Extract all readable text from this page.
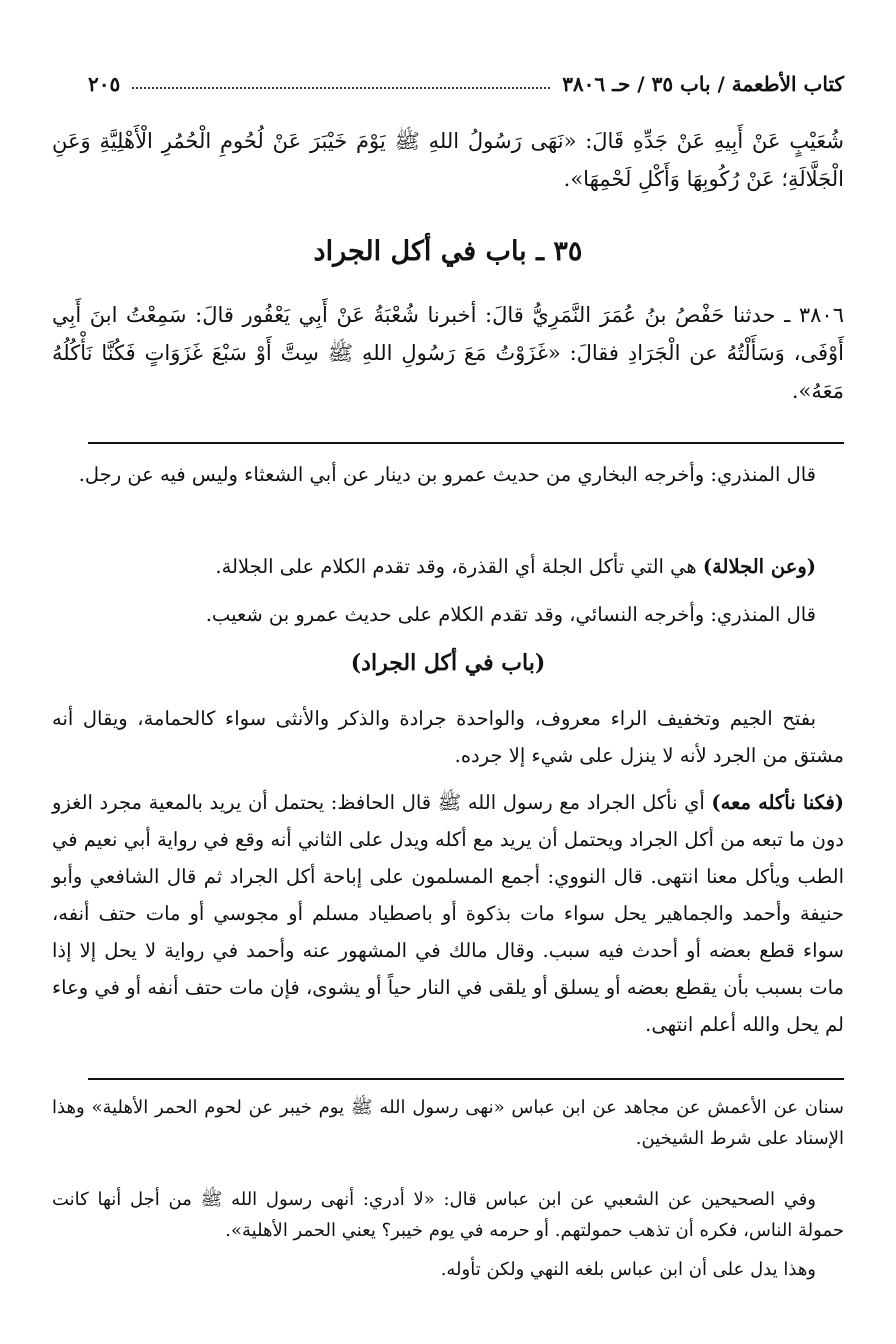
كتاب الأطعمة / باب ٣٥ / حـ ٣٨٠٦
٢٠٥
شُعَيْبٍ عَنْ أَبِيهِ عَنْ جَدِّهِ قَالَ: «نَهَى رَسُولُ اللهِ ﷺ يَوْمَ خَيْبَرَ عَنْ لُحُومِ الْحُمُرِ الْأَهْلِيَّةِ وَعَنِ الْجَلَّالَةِ؛ عَنْ رُكُوبِهَا وَأَكْلِ لَحْمِهَا».
٣٥ ـ باب في أكل الجراد
٣٨٠٦ ـ حدثنا حَفْصُ بنُ عُمَرَ النَّمَرِيُّ قالَ: أخبرنا شُعْبَةُ عَنْ أَبِي يَعْفُور قالَ: سَمِعْتُ ابنَ أَبِي أَوْفَى، وَسَأَلْتُهُ عن الْجَرَادِ فقالَ: «غَزَوْتُ مَعَ رَسُولِ اللهِ ﷺ سِتَّ أَوْ سَبْعَ غَزَوَاتٍ فَكُنَّا نَأْكُلُهُ مَعَهُ».
قال المنذري: وأخرجه البخاري من حديث عمرو بن دينار عن أبي الشعثاء وليس فيه عن رجل.
(وعن الجلالة) هي التي تأكل الجلة أي القذرة، وقد تقدم الكلام على الجلالة.
قال المنذري: وأخرجه النسائي، وقد تقدم الكلام على حديث عمرو بن شعيب.
(باب في أكل الجراد)
بفتح الجيم وتخفيف الراء معروف، والواحدة جرادة والذكر والأنثى سواء كالحمامة، ويقال أنه مشتق من الجرد لأنه لا ينزل على شيء إلا جرده.
(فكنا نأكله معه) أي نأكل الجراد مع رسول الله ﷺ قال الحافظ: يحتمل أن يريد بالمعية مجرد الغزو دون ما تبعه من أكل الجراد ويحتمل أن يريد مع أكله ويدل على الثاني أنه وقع في رواية أبي نعيم في الطب ويأكل معنا انتهى. قال النووي: أجمع المسلمون على إباحة أكل الجراد ثم قال الشافعي وأبو حنيفة وأحمد والجماهير يحل سواء مات بذكوة أو باصطياد مسلم أو مجوسي أو مات حتف أنفه، سواء قطع بعضه أو أحدث فيه سبب. وقال مالك في المشهور عنه وأحمد في رواية لا يحل إلا إذا مات بسبب بأن يقطع بعضه أو يسلق أو يلقى في النار حياً أو يشوى، فإن مات حتف أنفه أو في وعاء لم يحل والله أعلم انتهى.
سنان عن الأعمش عن مجاهد عن ابن عباس «نهى رسول الله ﷺ يوم خيبر عن لحوم الحمر الأهلية» وهذا الإسناد على شرط الشيخين.
وفي الصحيحين عن الشعبي عن ابن عباس قال: «لا أدري: أنهى رسول الله ﷺ من أجل أنها كانت حمولة الناس، فكره أن تذهب حمولتهم. أو حرمه في يوم خيبر؟ يعني الحمر الأهلية».
وهذا يدل على أن ابن عباس بلغه النهي ولكن تأوله.
